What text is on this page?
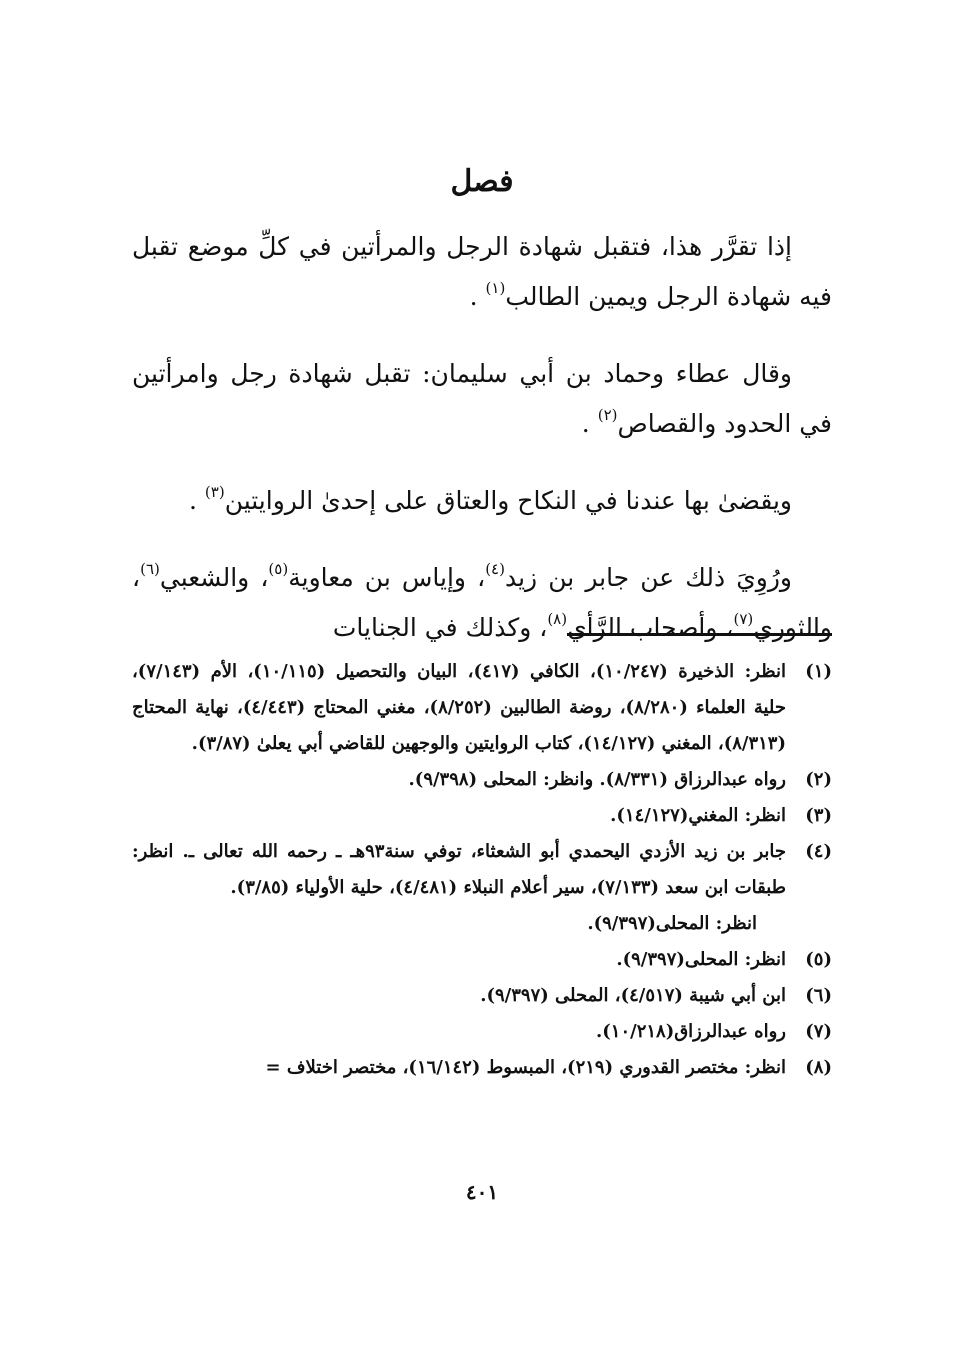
فصل

إذا تقرَّر هذا، فتقبل شهادة الرجل والمرأتين في كلِّ موضع تقبل فيه شهادة الرجل ويمين الطالب$^{(١)}$ .

وقال عطاء وحماد بن أبي سليمان: تقبل شهادة رجل وامرأتين في الحدود والقصاص$^{(٢)}$ .

ويقضىٰ بها عندنا في النكاح والعتاق على إحدىٰ الروايتين$^{(٣)}$ .

ورُوِيَ ذلك عن جابر بن زيد$^{(٤)}$، وإياس بن معاوية$^{(٥)}$، والشعبي$^{(٦)}$، والثوري$^{(٧)}$، وأصحاب الرَّأي$^{(٨)}$، وكذلك في الجنايات

(١)
انظر: الذخيرة (١٠/٢٤٧)، الكافي (٤١٧)، البيان والتحصيل (١٠/١١٥)، الأم (٧/١٤٣)، حلية العلماء (٨/٢٨٠)، روضة الطالبين (٨/٢٥٢)، مغني المحتاج (٤/٤٤٣)، نهاية المحتاج (٨/٣١٣)، المغني (١٤/١٢٧)، كتاب الروايتين والوجهين للقاضي أبي يعلىٰ (٣/٨٧).
(٢)
رواه عبدالرزاق (٨/٣٣١). وانظر: المحلى (٩/٣٩٨).
(٣)
انظر: المغني(١٤/١٢٧).
(٤)
جابر بن زيد الأزدي اليحمدي أبو الشعثاء، توفي سنة٩٣هـ ـ رحمه الله تعالى ـ. انظر: طبقات ابن سعد (٧/١٣٣)، سير أعلام النبلاء (٤/٤٨١)، حلية الأولياء (٣/٨٥).
انظر: المحلى(٩/٣٩٧).
(٥)
انظر: المحلى(٩/٣٩٧).
(٦)
ابن أبي شيبة (٤/٥١٧)، المحلى (٩/٣٩٧).
(٧)
رواه عبدالرزاق(١٠/٢١٨).
(٨)
انظر: مختصر القدوري (٢١٩)، المبسوط (١٦/١٤٢)، مختصر اختلاف =
٤٠١
